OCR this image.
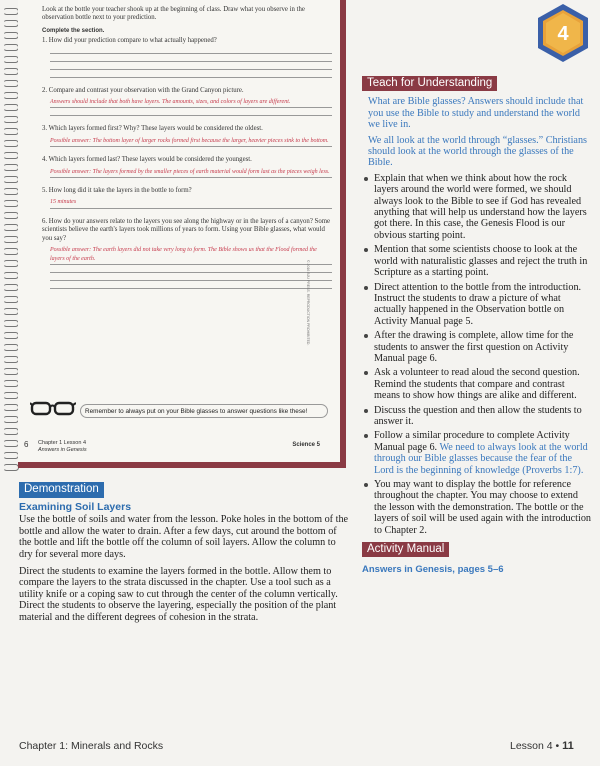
Look at the bottle your teacher shook up at the beginning of class. Draw what you observe in the observation bottle next to your prediction.

Complete the section.

1. How did your prediction compare to what actually happened?
2. Compare and contrast your observation with the Grand Canyon picture.
Answers should include that both have layers. The amounts, sizes, and colors of layers are different.
3. Which layers formed first? Why? These layers would be considered the oldest.
Possible answer: The bottom layer of larger rocks formed first because the larger, heavier pieces sink to the bottom.
4. Which layers formed last? These layers would be considered the youngest.
Possible answer: The layers formed by the smaller pieces of earth material would form last as the pieces weigh less.
5. How long did it take the layers in the bottle to form?
15 minutes
6. How do your answers relate to the layers you see along the highway or in the layers of a canyon? Some scientists believe the earth's layers took millions of years to form. Using your Bible glasses, what would you say?
Possible answer: The earth layers did not take very long to form. The Bible shows us that the Flood formed the layers of the earth.
Remember to always put on your Bible glasses to answer questions like these!
© 2016 BJU PRESS. REPRODUCTION PROHIBITED.
6 Chapter 1 Lesson 4
Answers in Genesis
Science 5
4
Teach for Understanding

What are Bible glasses? Answers should include that you use the Bible to study and understand the world we live in.

We all look at the world through “glasses.” Christians should look at the world through the glasses of the Bible.

Explain that when we think about how the rock layers around the world were formed, we should always look to the Bible to see if God has revealed anything that will help us understand how the layers got there. In this case, the Genesis Flood is our obvious starting point.
Mention that some scientists choose to look at the world with naturalistic glasses and reject the truth in Scripture as a starting point.
Direct attention to the bottle from the introduction. Instruct the students to draw a picture of what actually happened in the Observation bottle on Activity Manual page 5.
After the drawing is complete, allow time for the students to answer the first question on Activity Manual page 6.
Ask a volunteer to read aloud the second question. Remind the students that compare and contrast means to show how things are alike and different.
Discuss the question and then allow the students to answer it.
Follow a similar procedure to complete Activity Manual page 6. We need to always look at the world through our Bible glasses because the fear of the Lord is the beginning of knowledge (Proverbs 1:7).
You may want to display the bottle for reference throughout the chapter. You may choose to extend the lesson with the demonstration. The bottle or the layers of soil will be used again with the introduction to Chapter 2.
Activity Manual
Answers in Genesis, pages 5–6
Demonstration
Examining Soil Layers

Use the bottle of soils and water from the lesson. Poke holes in the bottom of the bottle and allow the water to drain. After a few days, cut around the bottom of the bottle and lift the bottle off the column of soil layers. Allow the column to dry for several more days.

Direct the students to examine the layers formed in the bottle. Allow them to compare the layers to the strata discussed in the chapter. Use a tool such as a utility knife or a coping saw to cut through the center of the column vertically. Direct the students to observe the layering, especially the position of the plant material and the different degrees of cohesion in the strata.

Chapter 1: Minerals and Rocks	Lesson 4 • 11
